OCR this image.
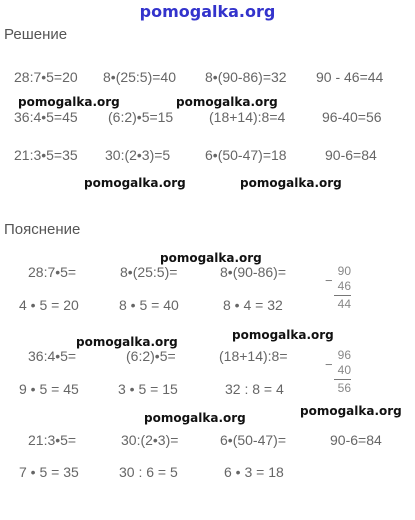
pomogalka.org
Решение
28:7•5=20 8•(25:5)=40 8•(90-86)=32 90 - 46=44
36:4•5=45 (6:2)•5=15	(18+14):8=4	96-40=56
21:3•5=35 30:(2•3)=5 6•(50-47)=18	90-6=84
Пояснение
28:7•5=	8•(25:5)=	8•(90-86)=
4 • 5 = 20	8 • 5 = 40	8 • 4 = 32
−
90
46
44
36:4•5=	(6:2)•5=	(18+14):8=
9 • 5 = 45	3 • 5 = 15	32 : 8 = 4
−
96
40
56
21:3•5=	30:(2•3)=	6•(50-47)=	90-6=84
7 • 5 = 35	30 : 6 = 5	6 • 3 = 18
pomogalka.org	pomogalka.org
pomogalka.org	pomogalka.org
pomogalka.org
pomogalka.org	pomogalka.org
pomogalka.org
pomogalka.org
